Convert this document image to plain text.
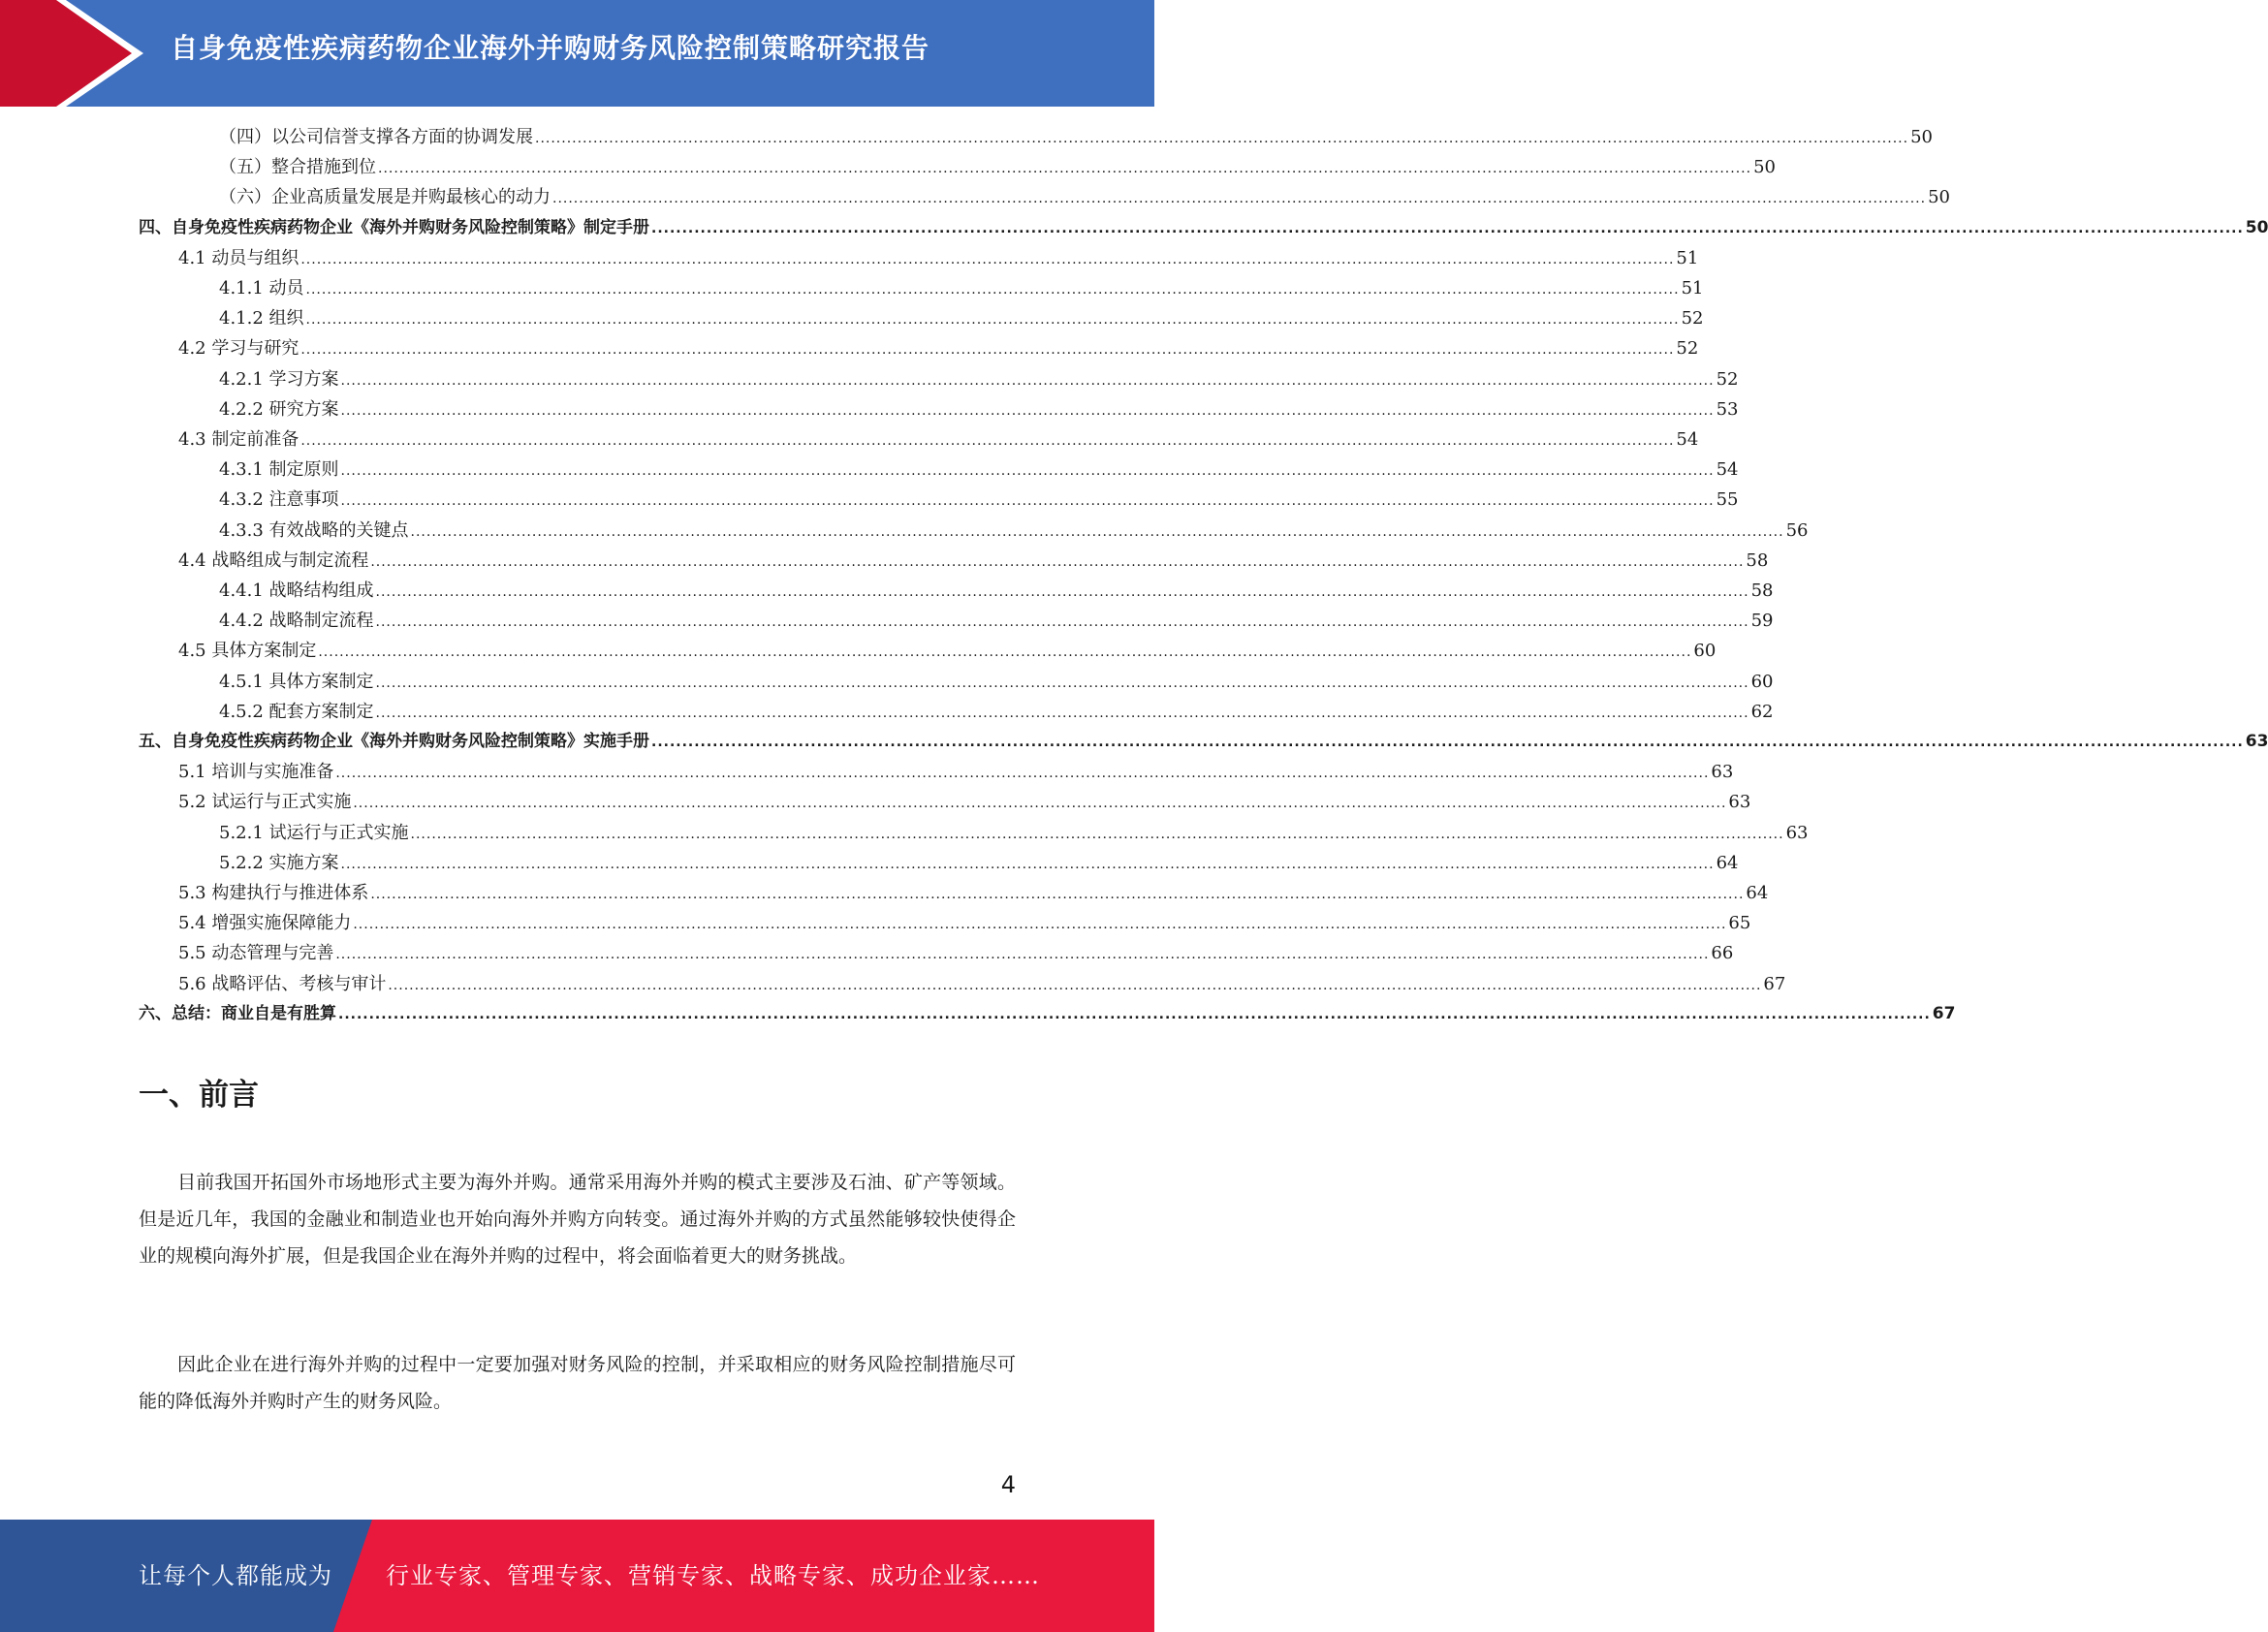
自身免疫性疾病药物企业海外并购财务风险控制策略研究报告
（四）以公司信誉支撑各方面的协调发展 .................................................................................................................................................................................................................................................................... 50
（五）整合措施到位 .................................................................................................................................................................................................................................................................... 50
（六）企业高质量发展是并购最核心的动力 .................................................................................................................................................................................................................................................................... 50
四、自身免疫性疾病药物企业《海外并购财务风险控制策略》制定手册 .................................................................................................................................................................................................................................................................... 50
4.1 动员与组织 .................................................................................................................................................................................................................................................................... 51
4.1.1 动员 .................................................................................................................................................................................................................................................................... 51
4.1.2 组织 .................................................................................................................................................................................................................................................................... 52
4.2 学习与研究 .................................................................................................................................................................................................................................................................... 52
4.2.1 学习方案 .................................................................................................................................................................................................................................................................... 52
4.2.2 研究方案 .................................................................................................................................................................................................................................................................... 53
4.3 制定前准备 .................................................................................................................................................................................................................................................................... 54
4.3.1 制定原则 .................................................................................................................................................................................................................................................................... 54
4.3.2 注意事项 .................................................................................................................................................................................................................................................................... 55
4.3.3 有效战略的关键点 .................................................................................................................................................................................................................................................................... 56
4.4 战略组成与制定流程 .................................................................................................................................................................................................................................................................... 58
4.4.1 战略结构组成 .................................................................................................................................................................................................................................................................... 58
4.4.2 战略制定流程 .................................................................................................................................................................................................................................................................... 59
4.5 具体方案制定 .................................................................................................................................................................................................................................................................... 60
4.5.1 具体方案制定 .................................................................................................................................................................................................................................................................... 60
4.5.2 配套方案制定 .................................................................................................................................................................................................................................................................... 62
五、自身免疫性疾病药物企业《海外并购财务风险控制策略》实施手册 .................................................................................................................................................................................................................................................................... 63
5.1 培训与实施准备 .................................................................................................................................................................................................................................................................... 63
5.2 试运行与正式实施 .................................................................................................................................................................................................................................................................... 63
5.2.1 试运行与正式实施 .................................................................................................................................................................................................................................................................... 63
5.2.2 实施方案 .................................................................................................................................................................................................................................................................... 64
5.3 构建执行与推进体系 .................................................................................................................................................................................................................................................................... 64
5.4 增强实施保障能力 .................................................................................................................................................................................................................................................................... 65
5.5 动态管理与完善 .................................................................................................................................................................................................................................................................... 66
5.6 战略评估、考核与审计 .................................................................................................................................................................................................................................................................... 67
六、总结：商业自是有胜算 .................................................................................................................................................................................................................................................................... 67
一、前言

目前我国开拓国外市场地形式主要为海外并购。通常采用海外并购的模式主要涉及石油、矿产等领域。但是近几年，我国的金融业和制造业也开始向海外并购方向转变。通过海外并购的方式虽然能够较快使得企业的规模向海外扩展，但是我国企业在海外并购的过程中，将会面临着更大的财务挑战。

因此企业在进行海外并购的过程中一定要加强对财务风险的控制，并采取相应的财务风险控制措施尽可能的降低海外并购时产生的财务风险。

4
让每个人都能成为 行业专家、管理专家、营销专家、战略专家、成功企业家……
